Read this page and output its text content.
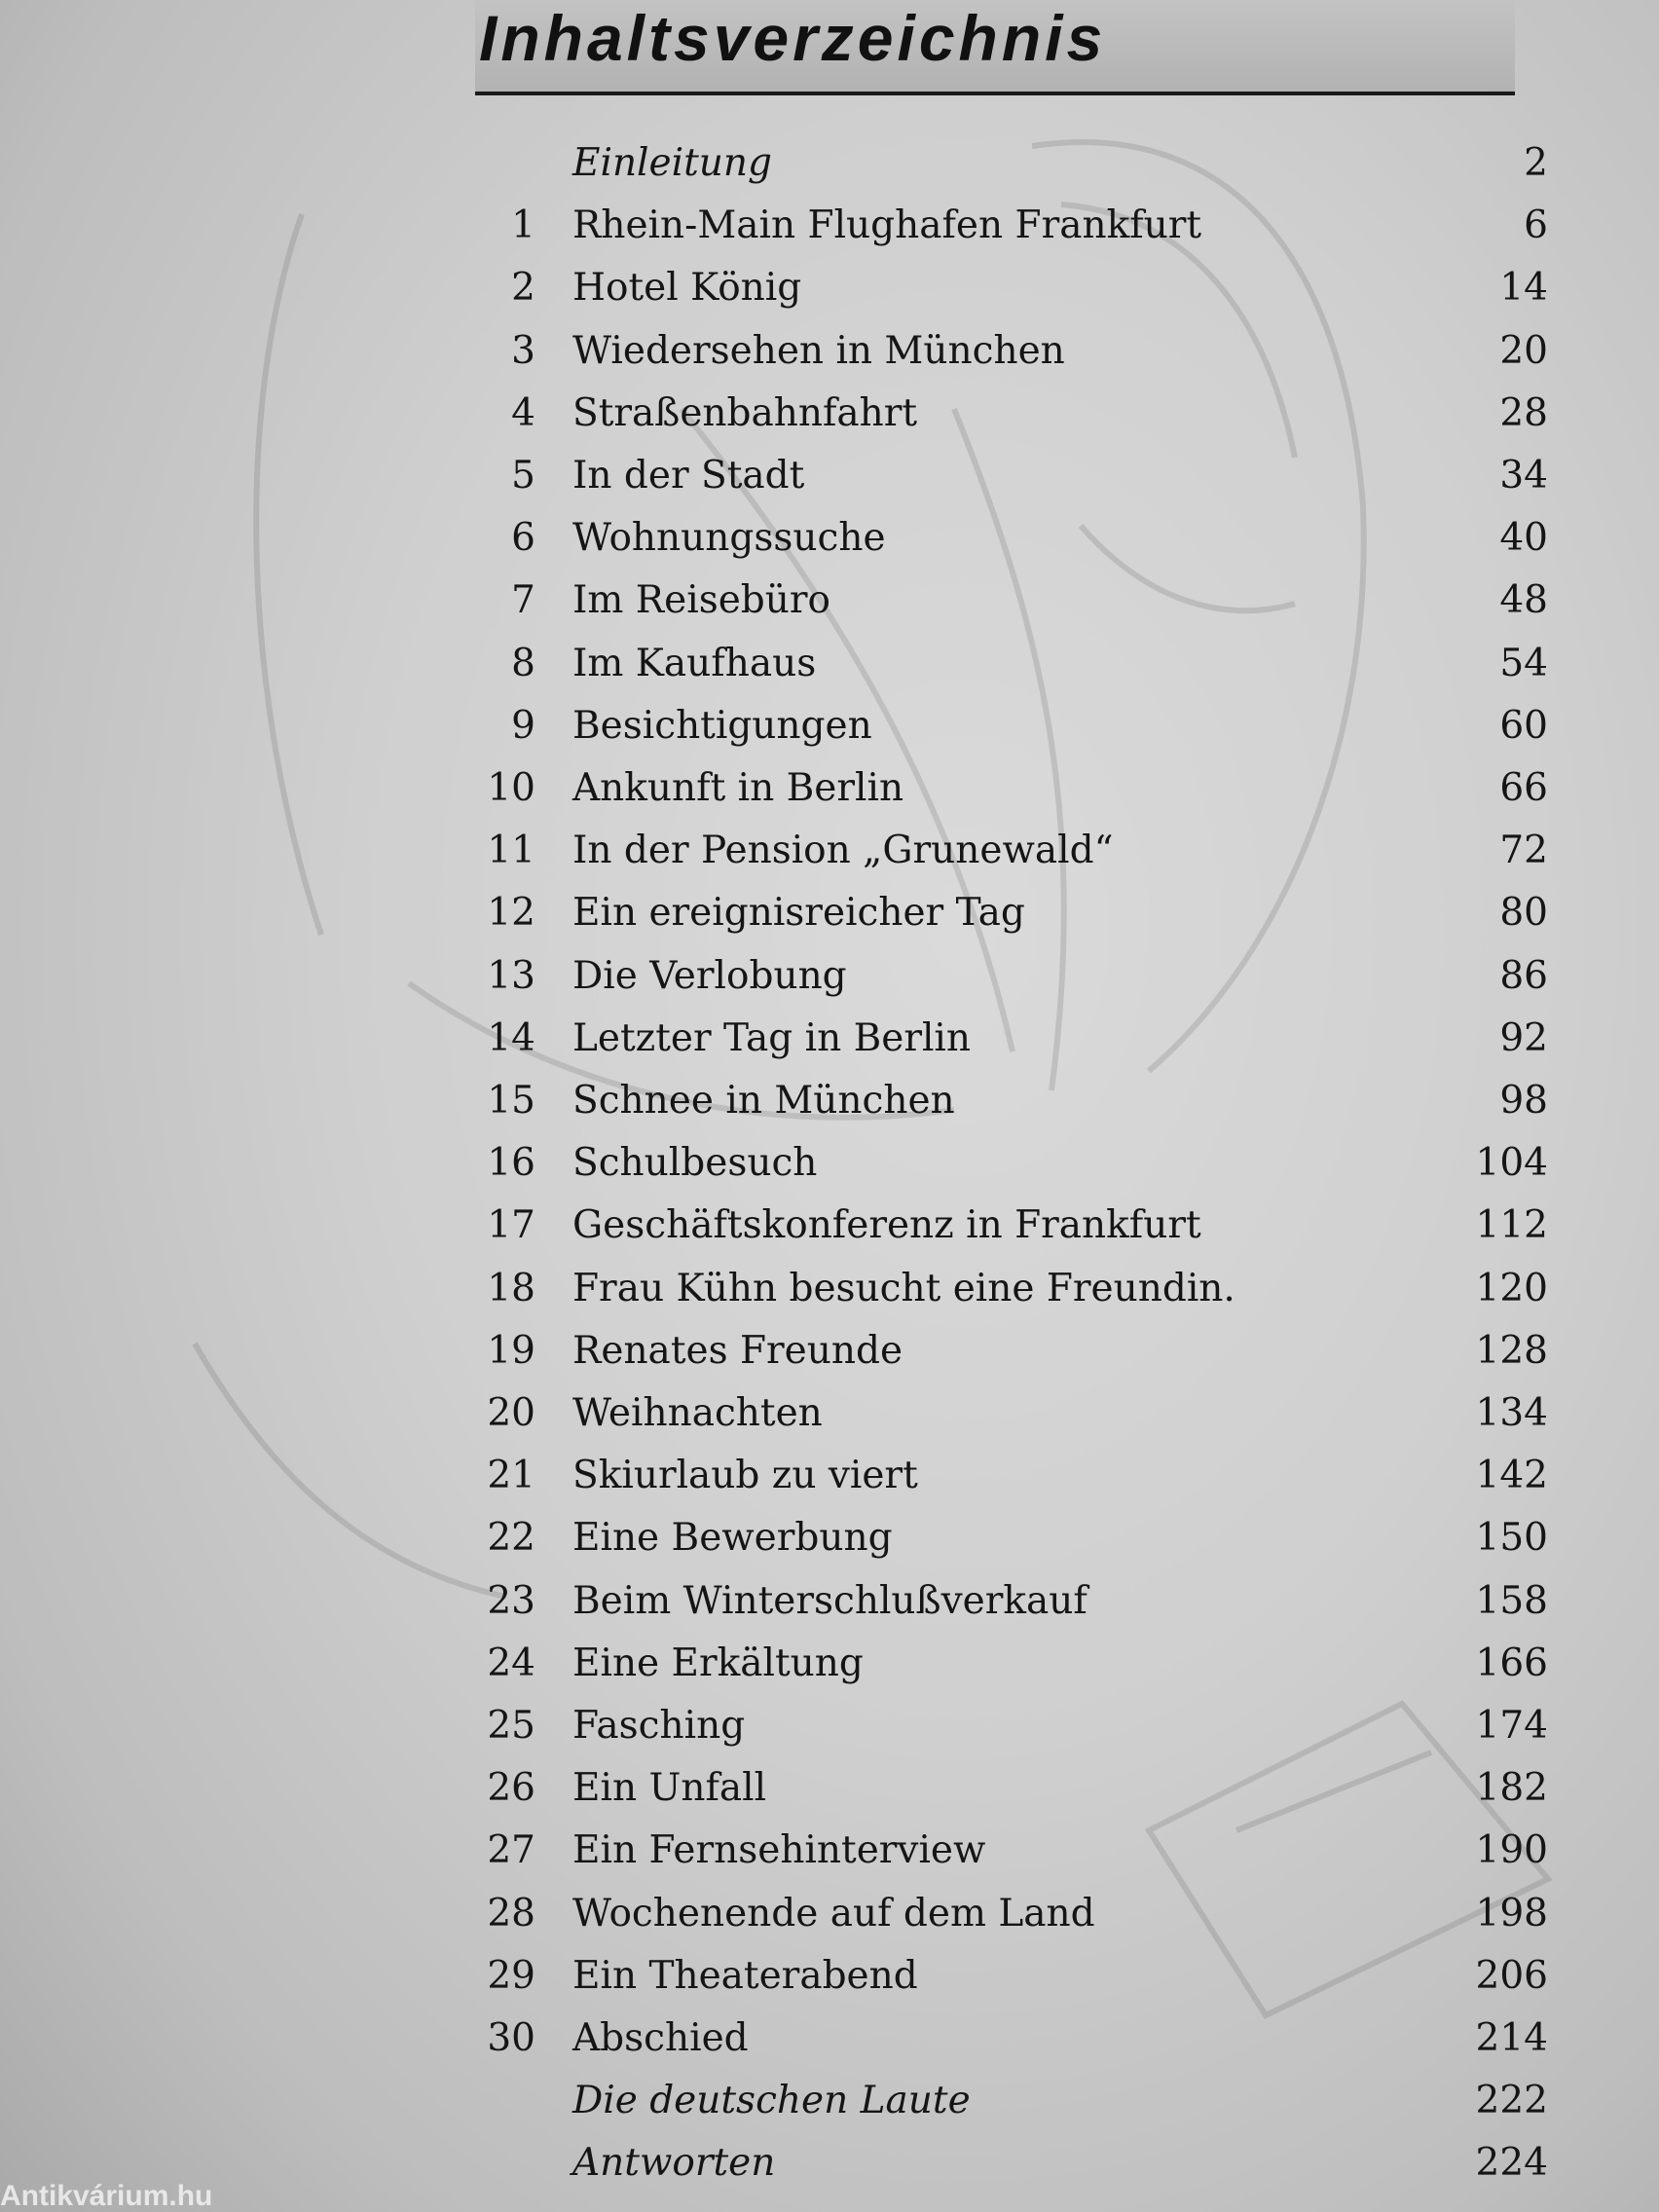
Inhaltsverzeichnis
Einleitung	2
1 Rhein-Main Flughafen Frankfurt	6
2 Hotel König	14
3 Wiedersehen in München	20
4 Straßenbahnfahrt	28
5 In der Stadt	34
6 Wohnungssuche	40
7 Im Reisebüro	48
8 Im Kaufhaus	54
9 Besichtigungen	60
10 Ankunft in Berlin	66
11 In der Pension „Grunewald“	72
12 Ein ereignisreicher Tag	80
13 Die Verlobung	86
14 Letzter Tag in Berlin	92
15 Schnee in München	98
16 Schulbesuch	104
17 Geschäftskonferenz in Frankfurt	112
18 Frau Kühn besucht eine Freundin.	120
19 Renates Freunde	128
20 Weihnachten	134
21 Skiurlaub zu viert	142
22 Eine Bewerbung	150
23 Beim Winterschlußverkauf	158
24 Eine Erkältung	166
25 Fasching	174
26 Ein Unfall	182
27 Ein Fernsehinterview	190
28 Wochenende auf dem Land	198
29 Ein Theaterabend	206
30 Abschied	214
Die deutschen Laute	222
Antworten	224
Antikvárium.hu
